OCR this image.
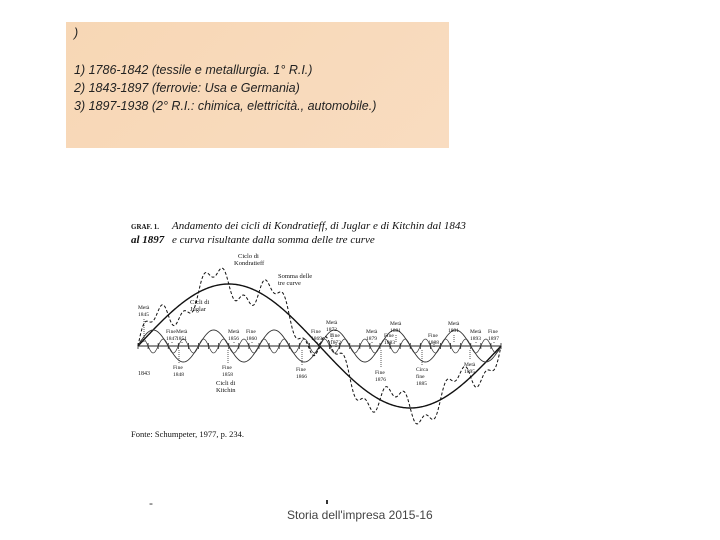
)
1) 1786-1842 (tessile e metallurgia. 1° R.I.)
2) 1843-1897 (ferrovie: Usa e Germania)
3) 1897-1938 (2° R.I.: chimica, elettricità., automobile.)
GRAF. 1. Andamento dei cicli di Kondratieff, di Juglar e di Kitchin dal 1843
al 1897 e curva risultante dalla somma delle tre curve
Ciclo di
Kondratieff
Somma delle
tre curve
Cicli di
Juglar
Cicli di
Kitchin
Metà
1845
Fine
1847
Metà
1851
Metà
1856
Fine
1860
Fine
1869
Metà
1872
Fine
1873
Metà
1879
Metà
1881
Fine
1883
Fine
1888
Metà
1891 Metà
1893
Fine
1897
1843
Fine
1848
Fine
1858
Fine
1866
Fine
1876
Circa
fine
1885
Metà
1895
Fonte: Schumpeter, 1977, p. 234.
-
Storia dell'impresa 2015-16
